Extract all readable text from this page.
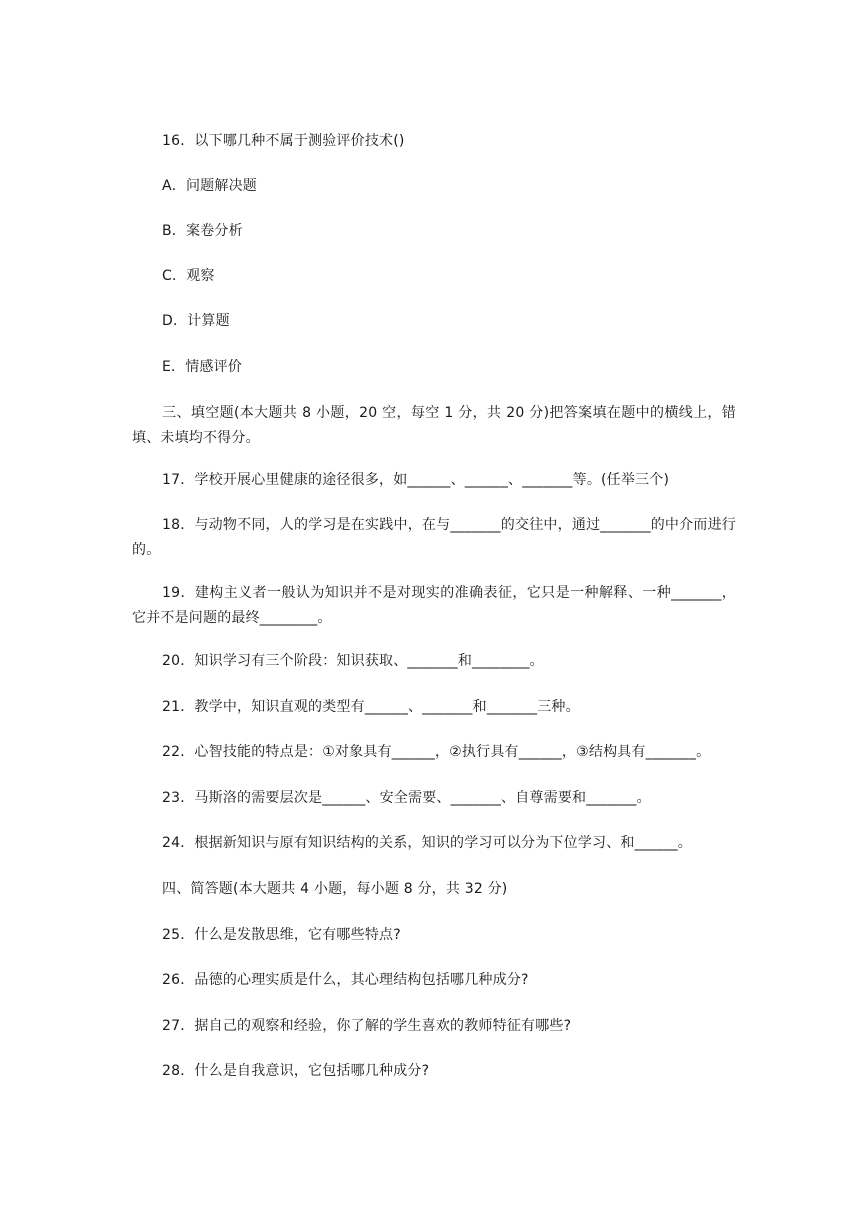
16．以下哪几种不属于测验评价技术()
A．问题解决题
B．案卷分析
C．观察
D．计算题
E．情感评价
三、填空题(本大题共 8 小题，20 空，每空 1 分，共 20 分)把答案填在题中的横线上，错填、未填均不得分。
17．学校开展心里健康的途径很多，如______、______、_______等。(任举三个)
18．与动物不同，人的学习是在实践中，在与_______的交往中，通过_______的中介而进行的。
19．建构主义者一般认为知识并不是对现实的准确表征，它只是一种解释、一种_______，它并不是问题的最终________。
20．知识学习有三个阶段：知识获取、_______和________。
21．教学中，知识直观的类型有______、_______和_______三种。
22．心智技能的特点是：①对象具有______，②执行具有______，③结构具有_______。
23．马斯洛的需要层次是______、安全需要、_______、自尊需要和_______。
24．根据新知识与原有知识结构的关系，知识的学习可以分为下位学习、和______。
四、简答题(本大题共 4 小题，每小题 8 分，共 32 分)
25．什么是发散思维，它有哪些特点?
26．品德的心理实质是什么，其心理结构包括哪几种成分?
27．据自己的观察和经验，你了解的学生喜欢的教师特征有哪些?
28．什么是自我意识，它包括哪几种成分?
